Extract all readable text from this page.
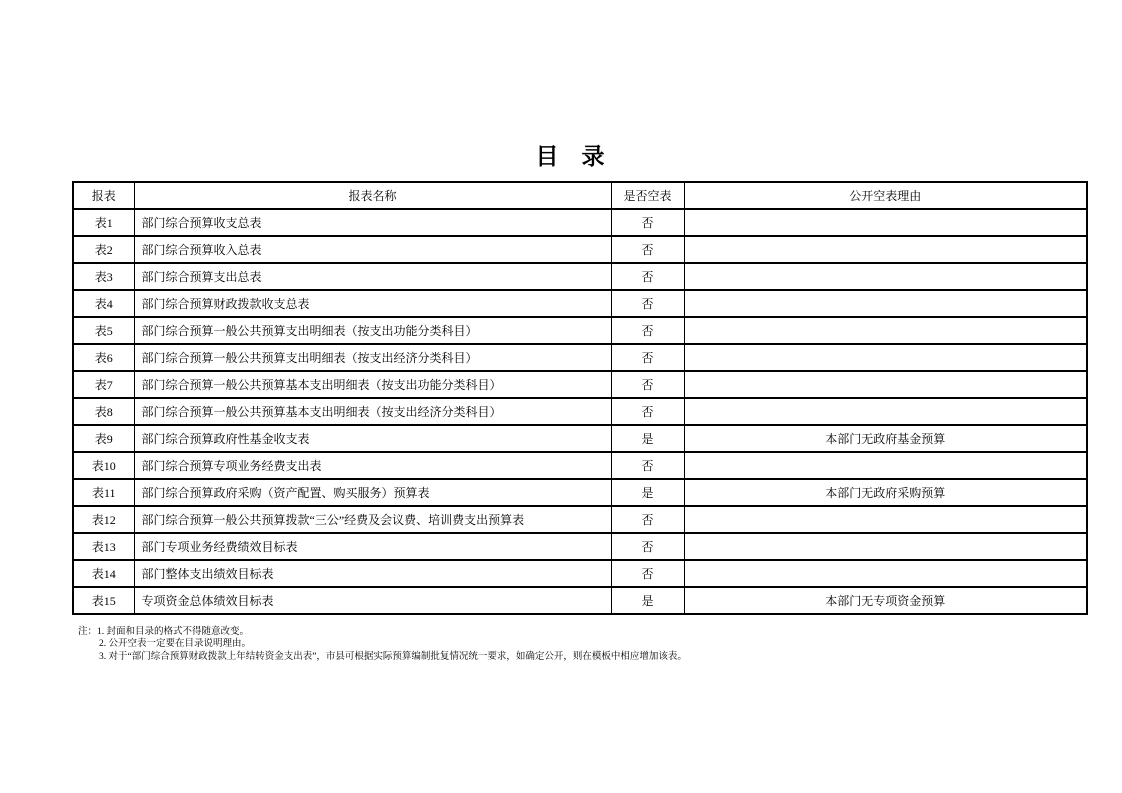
目　录
报表	报表名称	是否空表	公开空表理由
表1	部门综合预算收支总表	否	
表2	部门综合预算收入总表	否	
表3	部门综合预算支出总表	否	
表4	部门综合预算财政拨款收支总表	否	
表5	部门综合预算一般公共预算支出明细表（按支出功能分类科目）	否	
表6	部门综合预算一般公共预算支出明细表（按支出经济分类科目）	否	
表7	部门综合预算一般公共预算基本支出明细表（按支出功能分类科目）	否	
表8	部门综合预算一般公共预算基本支出明细表（按支出经济分类科目）	否	
表9	部门综合预算政府性基金收支表	是	本部门无政府基金预算
表10	部门综合预算专项业务经费支出表	否	
表11	部门综合预算政府采购（资产配置、购买服务）预算表	是	本部门无政府采购预算
表12	部门综合预算一般公共预算拨款“三公”经费及会议费、培训费支出预算表	否	
表13	部门专项业务经费绩效目标表	否	
表14	部门整体支出绩效目标表	否	
表15	专项资金总体绩效目标表	是	本部门无专项资金预算
注：1. 封面和目录的格式不得随意改变。
2. 公开空表一定要在目录说明理由。
3. 对于“部门综合预算财政拨款上年结转资金支出表”，市县可根据实际预算编制批复情况统一要求，如确定公开，则在模板中相应增加该表。
